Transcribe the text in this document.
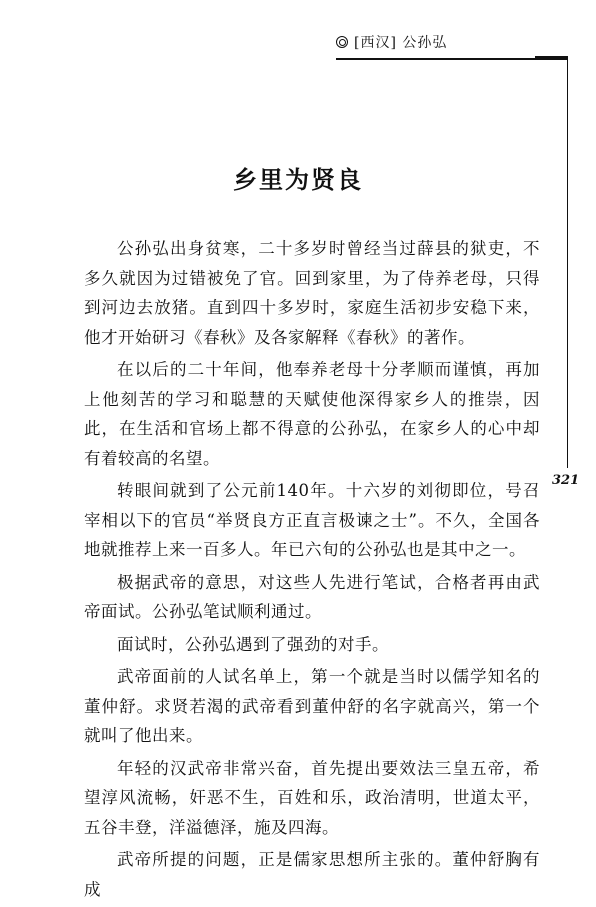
[西汉] 公孙弘
321
乡里为贤良

公孙弘出身贫寒，二十多岁时曾经当过薛县的狱吏，不多久就因为过错被免了官。回到家里，为了侍养老母，只得到河边去放猪。直到四十多岁时，家庭生活初步安稳下来，他才开始研习《春秋》及各家解释《春秋》的著作。

在以后的二十年间，他奉养老母十分孝顺而谨慎，再加上他刻苦的学习和聪慧的天赋使他深得家乡人的推崇，因此，在生活和官场上都不得意的公孙弘，在家乡人的心中却有着较高的名望。

转眼间就到了公元前140年。十六岁的刘彻即位，号召宰相以下的官员“举贤良方正直言极谏之士”。不久，全国各地就推荐上来一百多人。年已六旬的公孙弘也是其中之一。

极据武帝的意思，对这些人先进行笔试，合格者再由武帝面试。公孙弘笔试顺利通过。

面试时，公孙弘遇到了强劲的对手。

武帝面前的人试名单上，第一个就是当时以儒学知名的董仲舒。求贤若渴的武帝看到董仲舒的名字就高兴，第一个就叫了他出来。

年轻的汉武帝非常兴奋，首先提出要效法三皇五帝，希望淳风流畅，奸恶不生，百姓和乐，政治清明，世道太平，五谷丰登，洋溢德泽，施及四海。

武帝所提的问题，正是儒家思想所主张的。董仲舒胸有成
